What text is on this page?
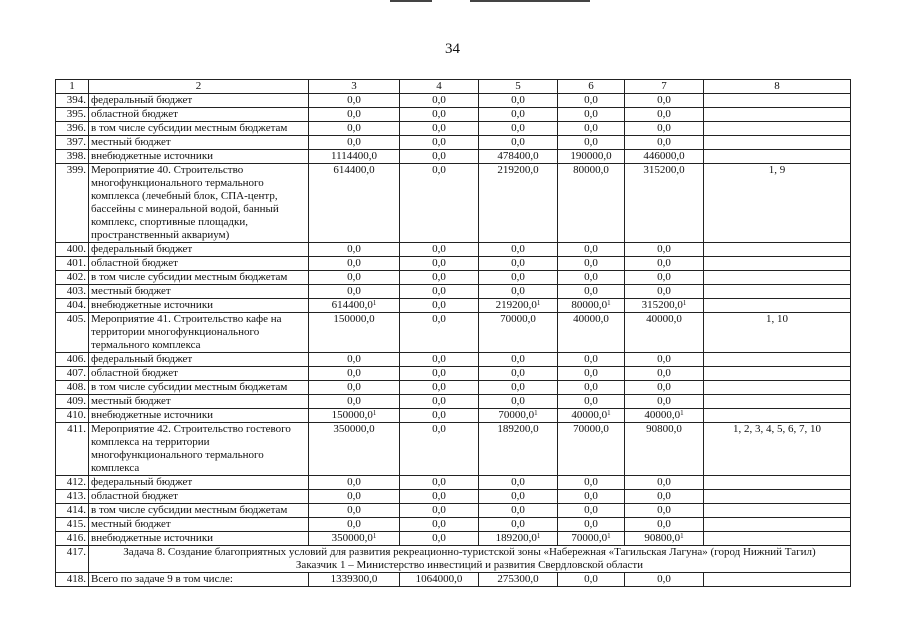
34
1	2	3	4	5	6	7	8
394.	федеральный бюджет	0,0	0,0	0,0	0,0	0,0	
395.	областной бюджет	0,0	0,0	0,0	0,0	0,0	
396.	в том числе субсидии местным бюджетам	0,0	0,0	0,0	0,0	0,0	
397.	местный бюджет	0,0	0,0	0,0	0,0	0,0	
398.	внебюджетные источники	1114400,0	0,0	478400,0	190000,0	446000,0	
399.	Мероприятие 40. Строительство многофункционального термального комплекса (лечебный блок, СПА-центр, бассейны с минеральной водой, банный комплекс, спортивные площадки, пространственный аквариум)	614400,0	0,0	219200,0	80000,0	315200,0	1, 9
400.	федеральный бюджет	0,0	0,0	0,0	0,0	0,0	
401.	областной бюджет	0,0	0,0	0,0	0,0	0,0	
402.	в том числе субсидии местным бюджетам	0,0	0,0	0,0	0,0	0,0	
403.	местный бюджет	0,0	0,0	0,0	0,0	0,0	
404.	внебюджетные источники	614400,0$^1$	0,0	219200,0$^1$	80000,0$^1$	315200,0$^1$	
405.	Мероприятие 41. Строительство кафе на территории многофункционального термального комплекса	150000,0	0,0	70000,0	40000,0	40000,0	1, 10
406.	федеральный бюджет	0,0	0,0	0,0	0,0	0,0	
407.	областной бюджет	0,0	0,0	0,0	0,0	0,0	
408.	в том числе субсидии местным бюджетам	0,0	0,0	0,0	0,0	0,0	
409.	местный бюджет	0,0	0,0	0,0	0,0	0,0	
410.	внебюджетные источники	150000,0$^1$	0,0	70000,0$^1$	40000,0$^1$	40000,0$^1$	
411.	Мероприятие 42. Строительство гостевого комплекса на территории многофункционального термального комплекса	350000,0	0,0	189200,0	70000,0	90800,0	1, 2, 3, 4, 5, 6, 7, 10
412.	федеральный бюджет	0,0	0,0	0,0	0,0	0,0	
413.	областной бюджет	0,0	0,0	0,0	0,0	0,0	
414.	в том числе субсидии местным бюджетам	0,0	0,0	0,0	0,0	0,0	
415.	местный бюджет	0,0	0,0	0,0	0,0	0,0	
416.	внебюджетные источники	350000,0$^1$	0,0	189200,0$^1$	70000,0$^1$	90800,0$^1$	
417.	Задача 8. Создание благоприятных условий для развития рекреационно-туристской зоны «Набережная «Тагильская Лагуна» (город Нижний Тагил)
Заказчик 1 – Министерство инвестиций и развития Свердловской области						

418.	Всего по задаче 9 в том числе:	1339300,0	1064000,0	275300,0	0,0	0,0	
